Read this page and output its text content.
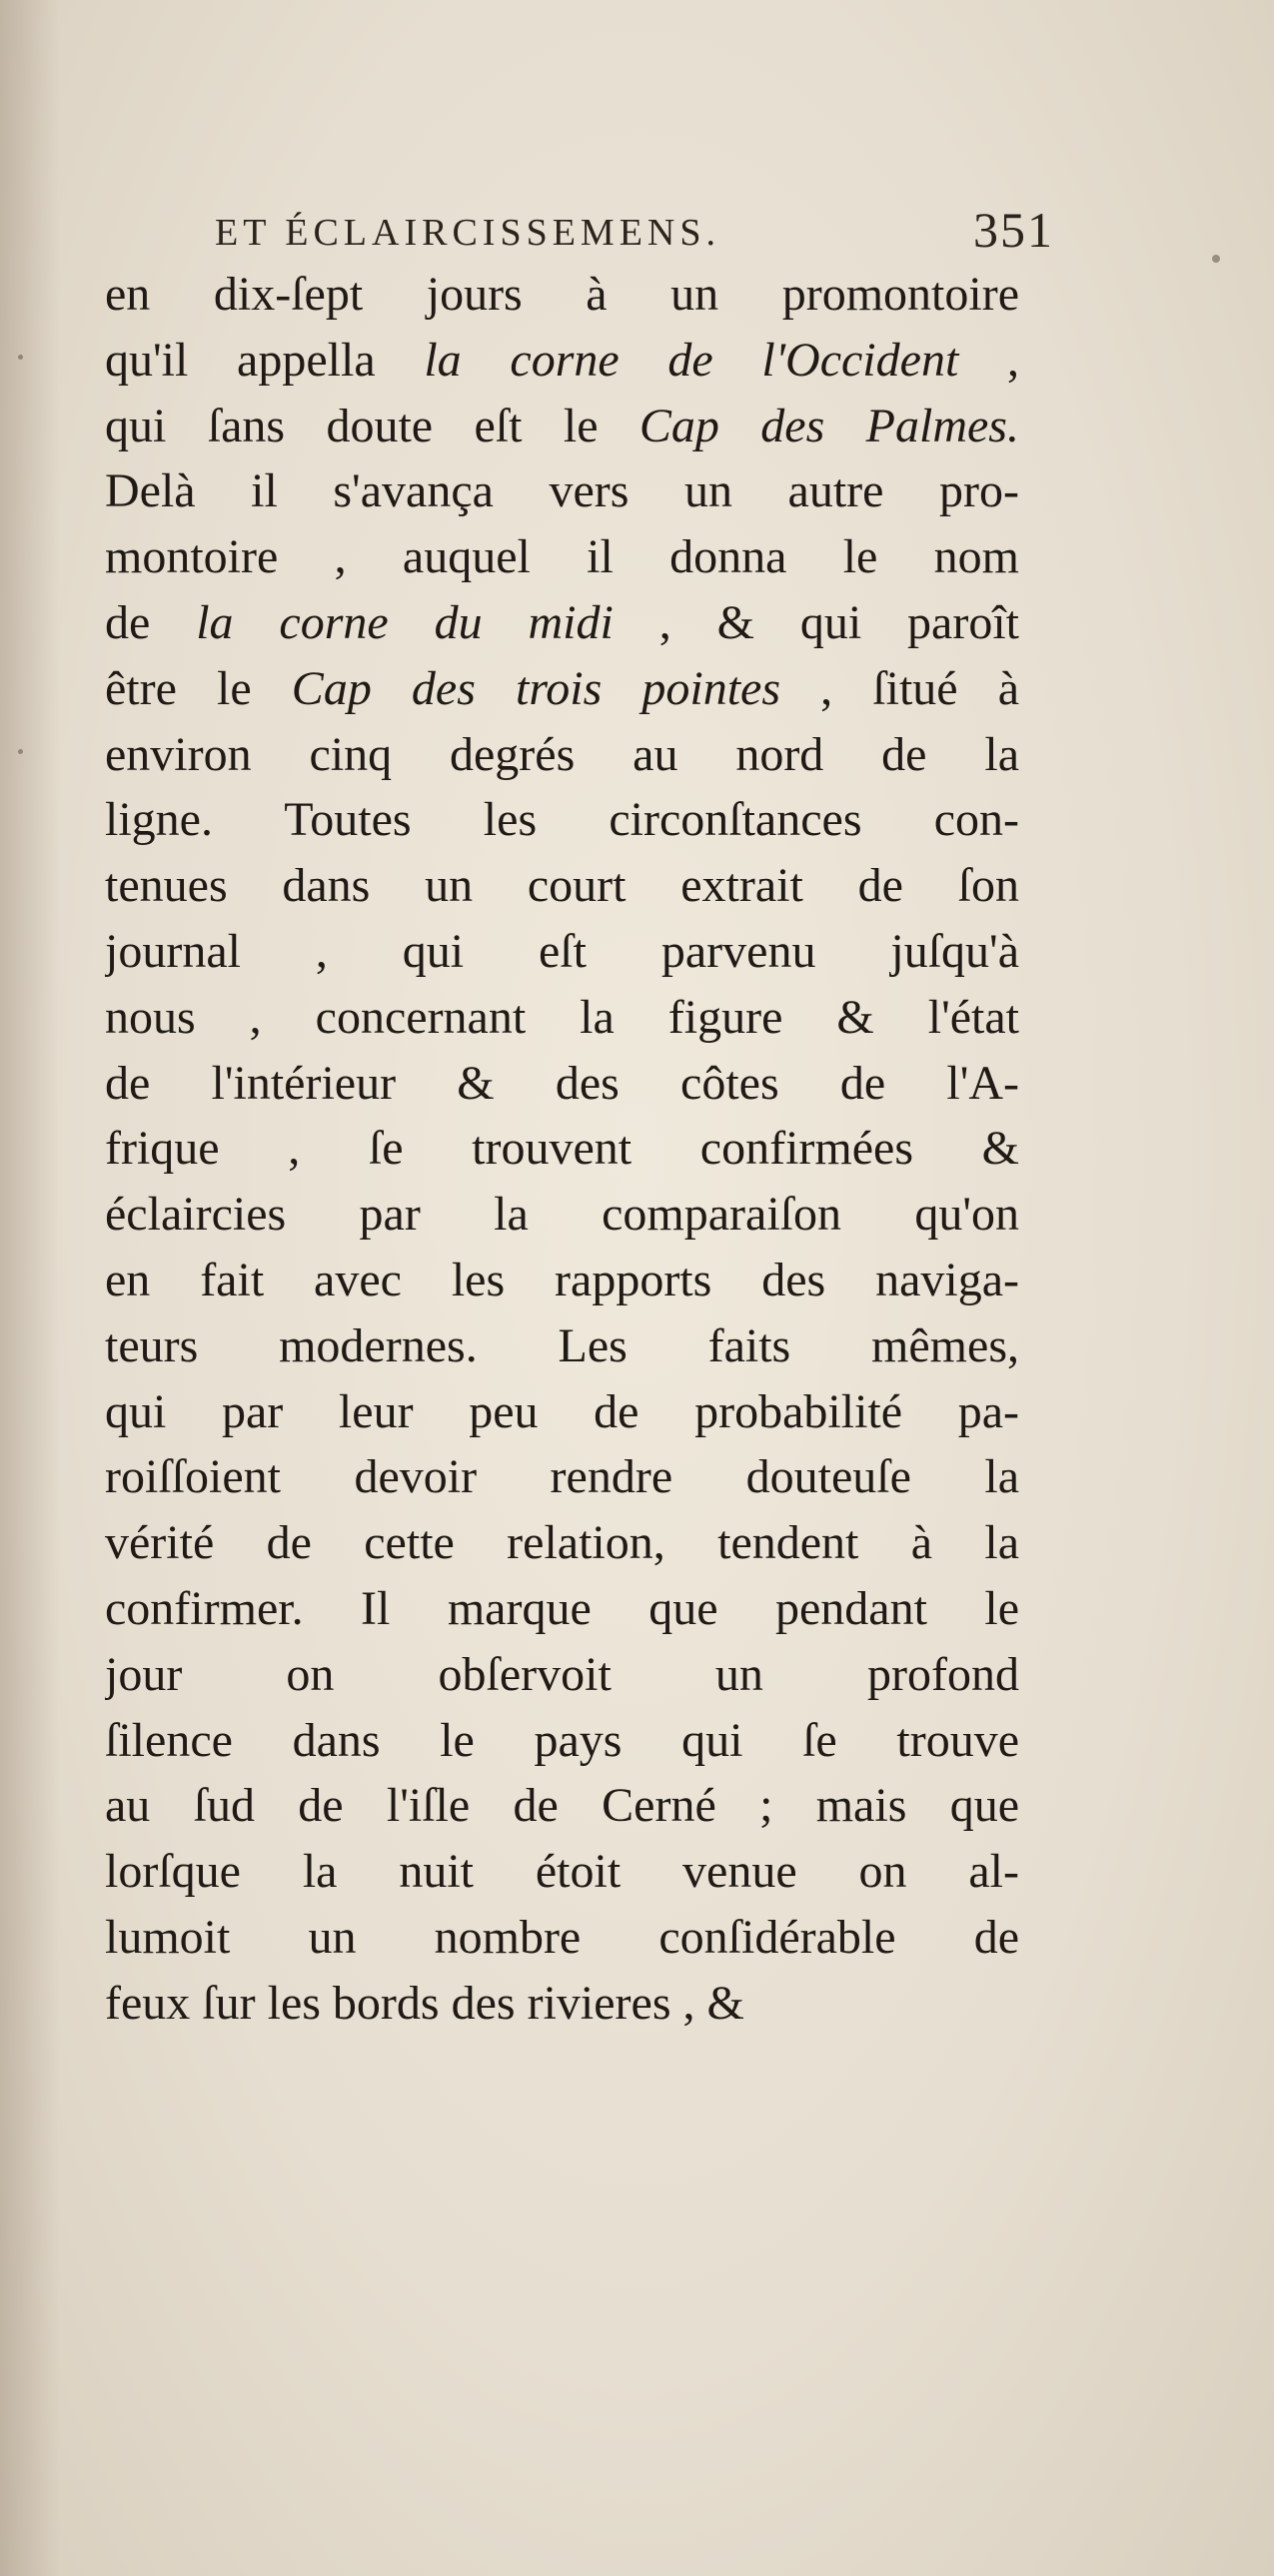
ET ÉCLAIRCISSEMENS.	351
en dix-ſept jours à un promontoire
qu'il appella la corne de l'Occident ,
qui ſans doute eſt le Cap des Palmes.
Delà il s'avança vers un autre pro-
montoire , auquel il donna le nom
de la corne du midi , & qui paroît
être le Cap des trois pointes , ſitué à
environ cinq degrés au nord de la
ligne. Toutes les circonſtances con-
tenues dans un court extrait de ſon
journal , qui eſt parvenu juſqu'à
nous , concernant la figure & l'état
de l'intérieur & des côtes de l'A-
frique , ſe trouvent confirmées &
éclaircies par la comparaiſon qu'on
en fait avec les rapports des naviga-
teurs modernes. Les faits mêmes,
qui par leur peu de probabilité pa-
roiſſoient devoir rendre douteuſe la
vérité de cette relation, tendent à la
confirmer. Il marque que pendant le
jour on obſervoit un profond
ſilence dans le pays qui ſe trouve
au ſud de l'iſle de Cerné ; mais que
lorſque la nuit étoit venue on al-
lumoit un nombre conſidérable de
feux ſur les bords des rivieres , &
